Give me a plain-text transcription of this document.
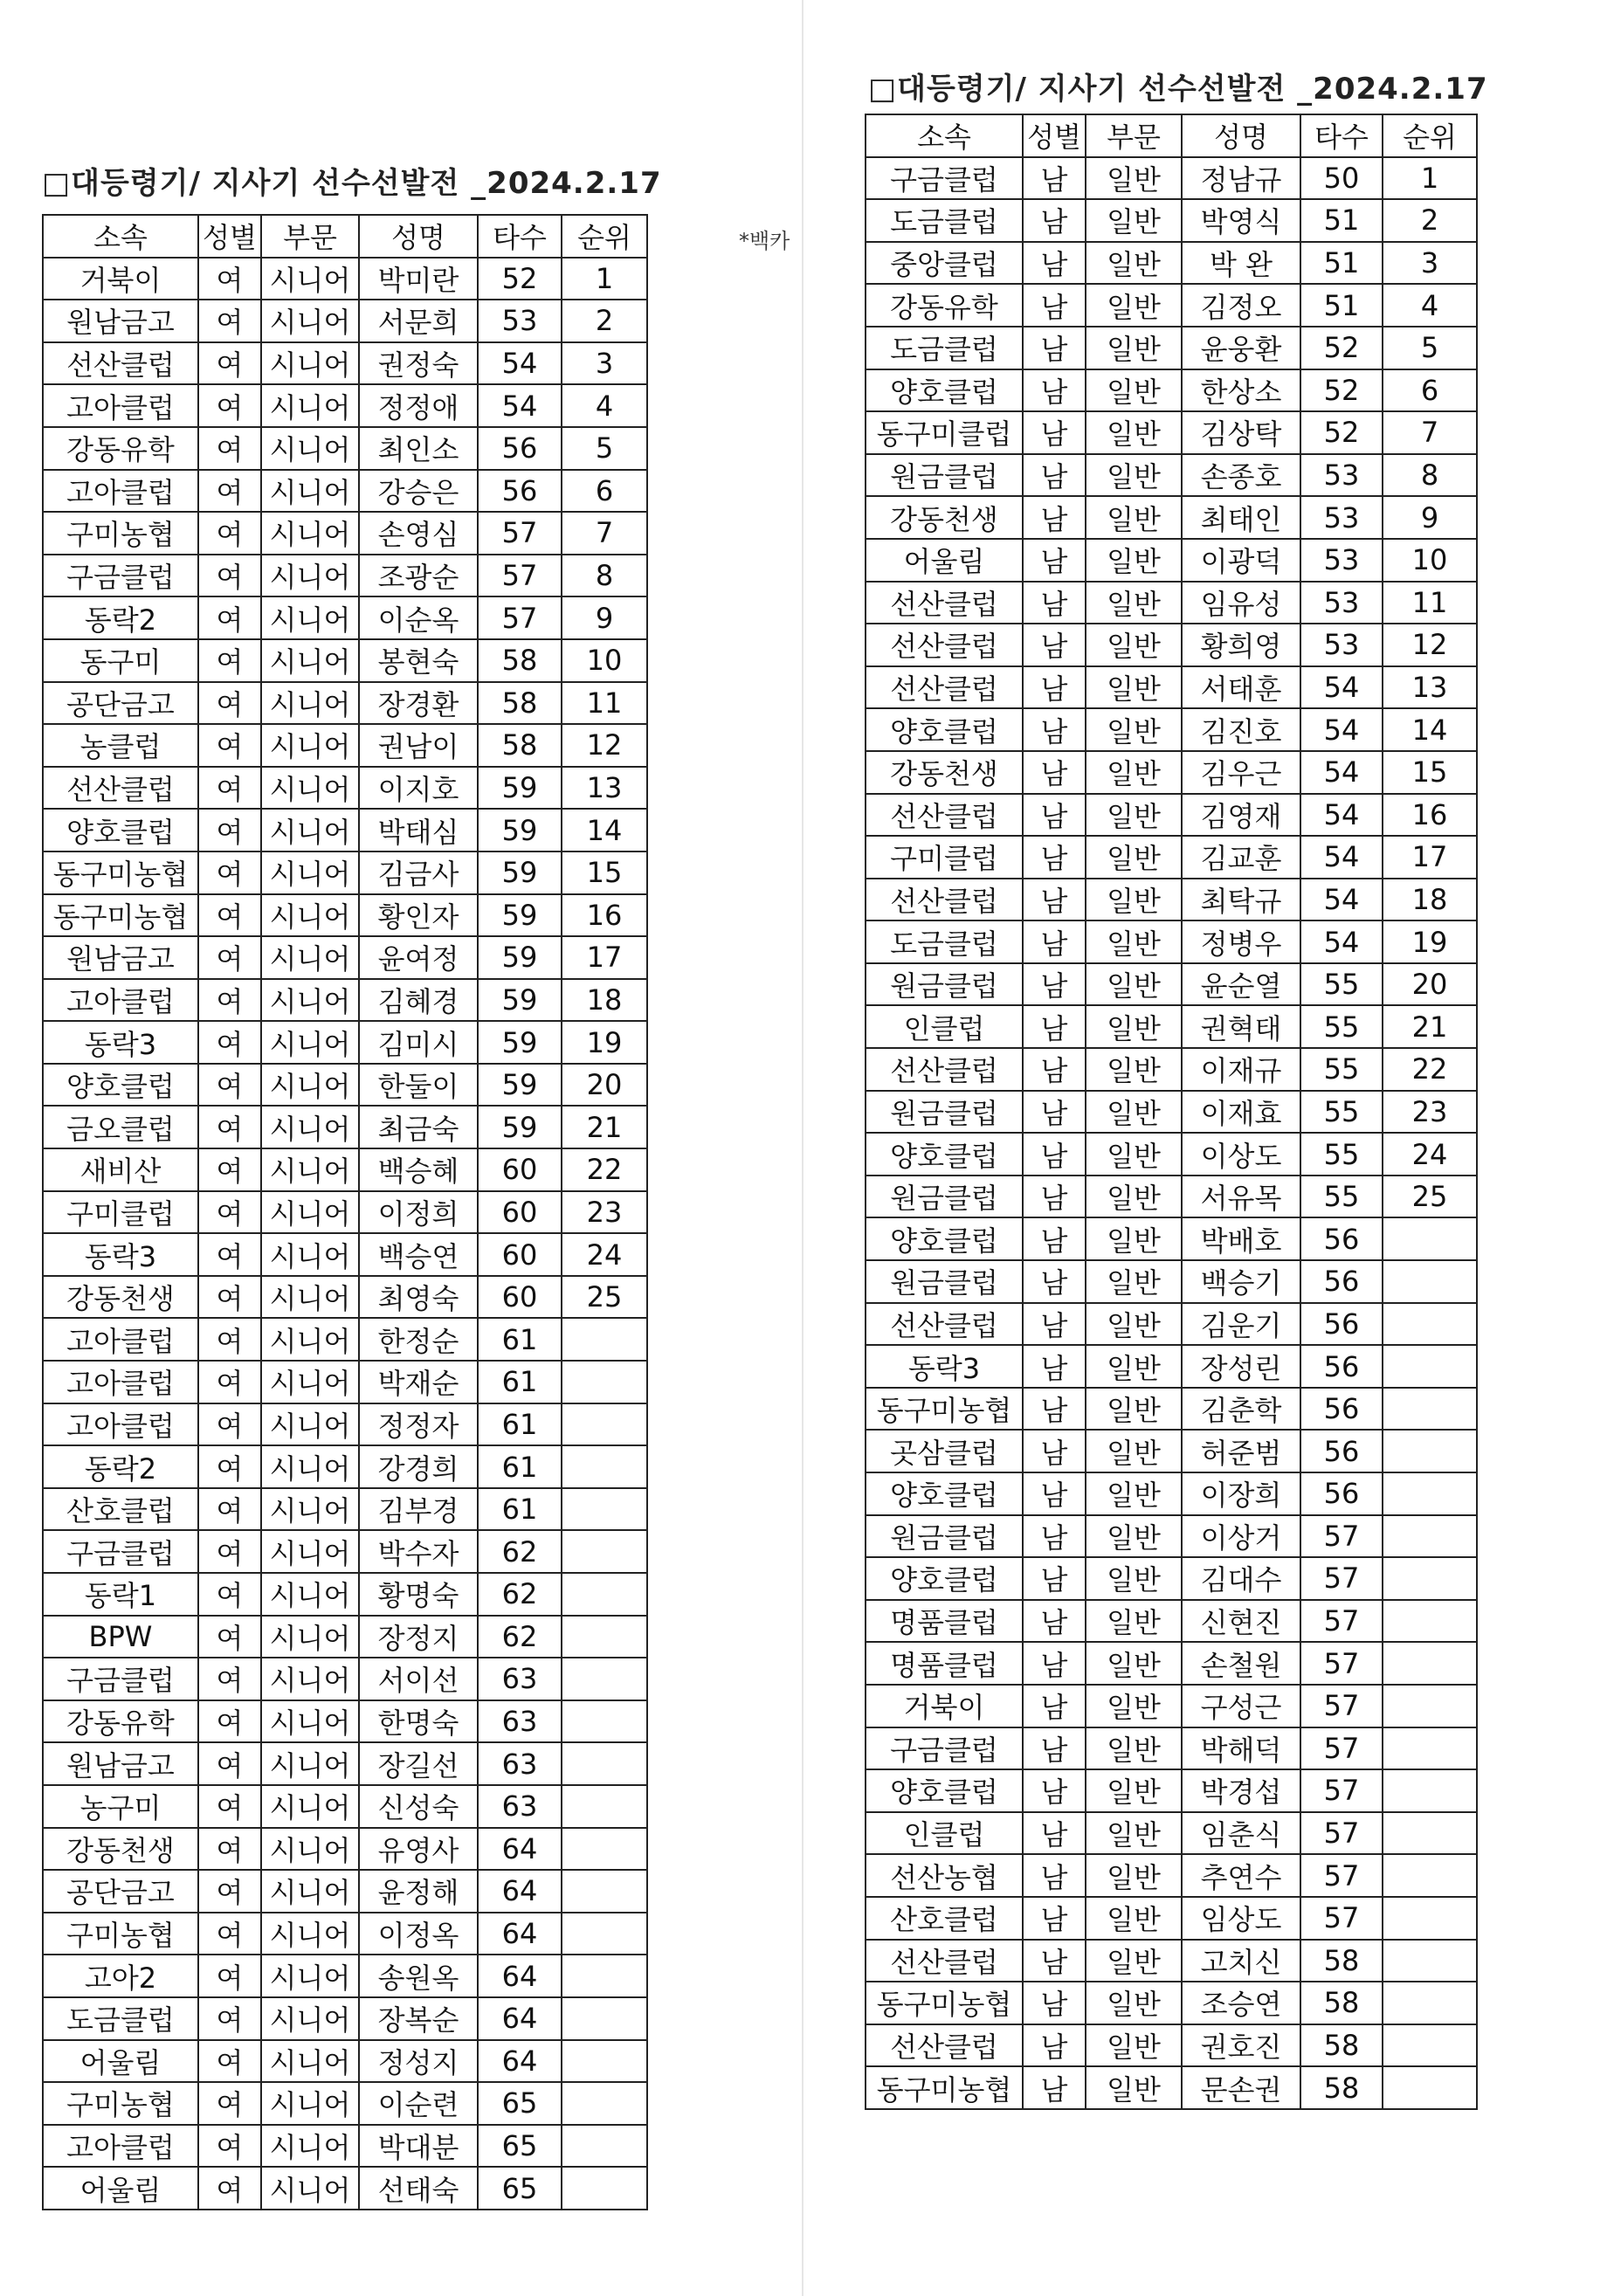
□대등령기/ 지사기 선수선발전 _2024.2.17
*백카
□대등령기/ 지사기 선수선발전 _2024.2.17
소속	성별	부문	성명	타수	순위
거북이	여	시니어	박미란	52	1
원남금고	여	시니어	서문희	53	2
선산클럽	여	시니어	권정숙	54	3
고아클럽	여	시니어	정정애	54	4
강동유학	여	시니어	최인소	56	5
고아클럽	여	시니어	강승은	56	6
구미농협	여	시니어	손영심	57	7
구금클럽	여	시니어	조광순	57	8
동락2	여	시니어	이순옥	57	9
동구미	여	시니어	봉현숙	58	10
공단금고	여	시니어	장경환	58	11
농클럽	여	시니어	권남이	58	12
선산클럽	여	시니어	이지호	59	13
양호클럽	여	시니어	박태심	59	14
동구미농협	여	시니어	김금사	59	15
동구미농협	여	시니어	황인자	59	16
원남금고	여	시니어	윤여정	59	17
고아클럽	여	시니어	김혜경	59	18
동락3	여	시니어	김미시	59	19
양호클럽	여	시니어	한둘이	59	20
금오클럽	여	시니어	최금숙	59	21
새비산	여	시니어	백승혜	60	22
구미클럽	여	시니어	이정희	60	23
동락3	여	시니어	백승연	60	24
강동천생	여	시니어	최영숙	60	25
고아클럽	여	시니어	한정순	61	
고아클럽	여	시니어	박재순	61	
고아클럽	여	시니어	정정자	61	
동락2	여	시니어	강경희	61	
산호클럽	여	시니어	김부경	61	
구금클럽	여	시니어	박수자	62	
동락1	여	시니어	황명숙	62	
BPW	여	시니어	장정지	62	
구금클럽	여	시니어	서이선	63	
강동유학	여	시니어	한명숙	63	
원남금고	여	시니어	장길선	63	
농구미	여	시니어	신성숙	63	
강동천생	여	시니어	유영사	64	
공단금고	여	시니어	윤정해	64	
구미농협	여	시니어	이정옥	64	
고아2	여	시니어	송원옥	64	
도금클럽	여	시니어	장복순	64	
어울림	여	시니어	정성지	64	
구미농협	여	시니어	이순련	65	
고아클럽	여	시니어	박대분	65	
어울림	여	시니어	선태숙	65	
소속	성별	부문	성명	타수	순위
구금클럽	남	일반	정남규	50	1
도금클럽	남	일반	박영식	51	2
중앙클럽	남	일반	박 완	51	3
강동유학	남	일반	김정오	51	4
도금클럽	남	일반	윤웅환	52	5
양호클럽	남	일반	한상소	52	6
동구미클럽	남	일반	김상탁	52	7
원금클럽	남	일반	손종호	53	8
강동천생	남	일반	최태인	53	9
어울림	남	일반	이광덕	53	10
선산클럽	남	일반	임유성	53	11
선산클럽	남	일반	황희영	53	12
선산클럽	남	일반	서태훈	54	13
양호클럽	남	일반	김진호	54	14
강동천생	남	일반	김우근	54	15
선산클럽	남	일반	김영재	54	16
구미클럽	남	일반	김교훈	54	17
선산클럽	남	일반	최탁규	54	18
도금클럽	남	일반	정병우	54	19
원금클럽	남	일반	윤순열	55	20
인클럽	남	일반	권혁태	55	21
선산클럽	남	일반	이재규	55	22
원금클럽	남	일반	이재효	55	23
양호클럽	남	일반	이상도	55	24
원금클럽	남	일반	서유목	55	25
양호클럽	남	일반	박배호	56	
원금클럽	남	일반	백승기	56	
선산클럽	남	일반	김운기	56	
동락3	남	일반	장성린	56	
동구미농협	남	일반	김춘학	56	
곳삼클럽	남	일반	허준범	56	
양호클럽	남	일반	이장희	56	
원금클럽	남	일반	이상거	57	
양호클럽	남	일반	김대수	57	
명품클럽	남	일반	신현진	57	
명품클럽	남	일반	손철원	57	
거북이	남	일반	구성근	57	
구금클럽	남	일반	박해덕	57	
양호클럽	남	일반	박경섭	57	
인클럽	남	일반	임춘식	57	
선산농협	남	일반	추연수	57	
산호클럽	남	일반	임상도	57	
선산클럽	남	일반	고치신	58	
동구미농협	남	일반	조승연	58	
선산클럽	남	일반	권호진	58	
동구미농협	남	일반	문손권	58	
